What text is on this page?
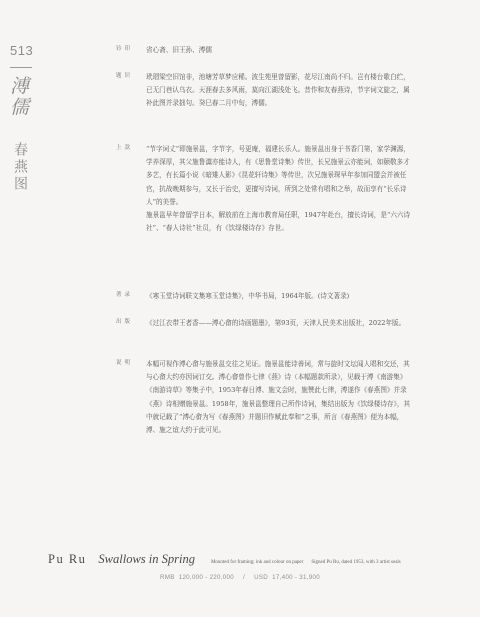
513
溥儒
春燕图
钤印	省心斋、旧王孙、溥儒

题识	玳瑁梁空旧馆非，池塘芳草梦应稀。波生苑里曾留影，花尽江南尚不归。岂有楼台歌白纻，已无门巷认乌衣。天涯春去多风雨，莫向江湖浅处飞。昔作和友春燕诗，节字词文旋之，属补此图并录拙句。癸巳春二月中旬，溥儒。

上款	“节字词丈”即施景邕，字节字，号更庵，福建长乐人。施景邕出身于书香门第，家学渊源，学养深厚，其父施鲁灊亦能诗人，有《思鲁堂诗集》传世，长兄施景云亦能词，如颐敬多才多艺，有长篇小说《暗雉人影》《昆花轩诗集》等传世，次兄施景琛早年参加同盟会并被任官，抗战晚期参与，又长于治史，更擅写诗词，所到之处常有唱和之举，故而享有“长乐诗人”的美誉。

施景邕早年曾留学日本，解放前在上海市教育局任职，1947年赴台，擅长诗词，是“六六诗社”、“春人诗社”社员，有《饮绿楼诗存》存世。

著录	《寒玉堂诗词联文集寒玉堂诗集》，中华书局，1964年版。(诗文著录)

出版	《过江衣带王者香——溥心畲的诗画题墨》，第93页，天津人民美术出版社，2022年版。

说明	本幅可视作溥心畲与施景邕交往之见证。施景邕能诗善词，常与旋时文坛闻人唱和交还，其与心畲大约亦因词订交。溥心畲曾作七律《燕》诗（本幅题款所录），见载于溥《南游集》《南游诗草》等集子中，1953年春日溥、施文会时，施赞此七律，溥遂作《春燕图》并录《燕》诗相赠施景邕。1958年，施景邕整理自己所作诗词，集结出版为《饮绿楼诗存》，其中就记载了“溥心畲为写《春燕图》并题旧作赋此奉和”之事，所言《春燕图》便为本幅，溥、施之谊大约于此可见。

Pu Ru Swallows in Spring	Mounted for framing; ink and colour on paper Signed Pu Ru, dated 1953, with 3 artist seals
RMB 120,000 - 220,000 / USD 17,400 - 31,900
